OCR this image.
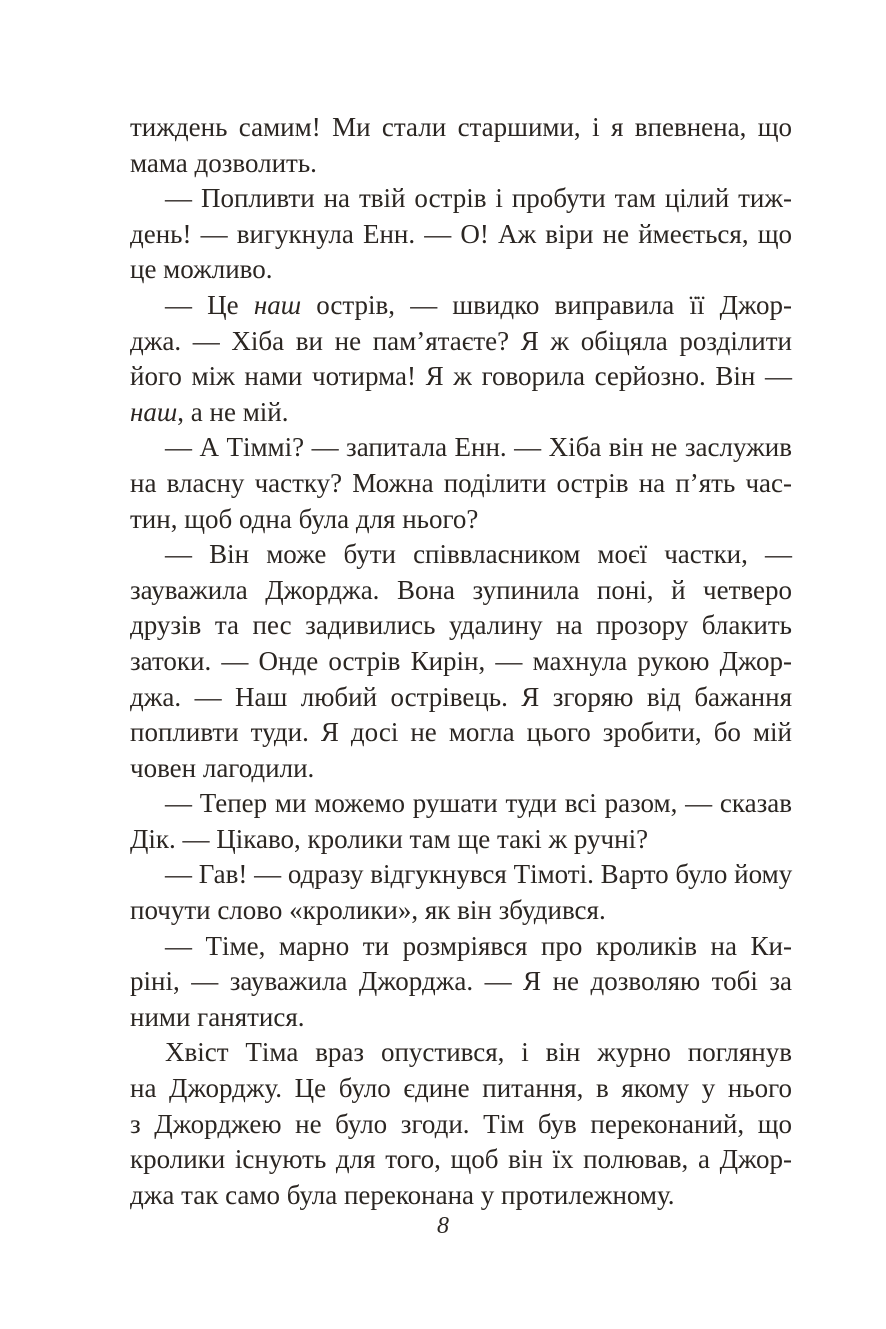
тиждень самим! Ми стали старшими, і я впевнена, що
мама дозволить.
— Попливти на твій острів і пробути там цілий тиж-
день! — вигукнула Енн. — О! Аж віри не ймеється, що
це можливо.
— Це наш острів, — швидко виправила її Джор-
джа. — Хіба ви не пам’ятаєте? Я ж обіцяла розділити
його між нами чотирма! Я ж говорила серйозно. Він —
наш, а не мій.
— А Тіммі? — запитала Енн. — Хіба він не заслужив
на власну частку? Можна поділити острів на п’ять час-
тин, щоб одна була для нього?
— Він може бути співвласником моєї частки, —
зауважила Джорджа. Вона зупинила поні, й четверо
друзів та пес задивились удалину на прозору блакить
затоки. — Онде острів Кирін, — махнула рукою Джор-
джа. — Наш любий острівець. Я згоряю від бажання
попливти туди. Я досі не могла цього зробити, бо мій
човен лагодили.
— Тепер ми можемо рушати туди всі разом, — сказав
Дік. — Цікаво, кролики там ще такі ж ручні?
— Гав! — одразу відгукнувся Тімоті. Варто було йому
почути слово «кролики», як він збудився.
— Тіме, марно ти розмріявся про кроликів на Ки-
ріні, — зауважила Джорджа. — Я не дозволяю тобі за
ними ганятися.
Хвіст Тіма враз опустився, і він журно поглянув
на Джорджу. Це було єдине питання, в якому у нього
з Джорджею не було згоди. Тім був переконаний, що
кролики існують для того, щоб він їх полював, а Джор-
джа так само була переконана у протилежному.
8
